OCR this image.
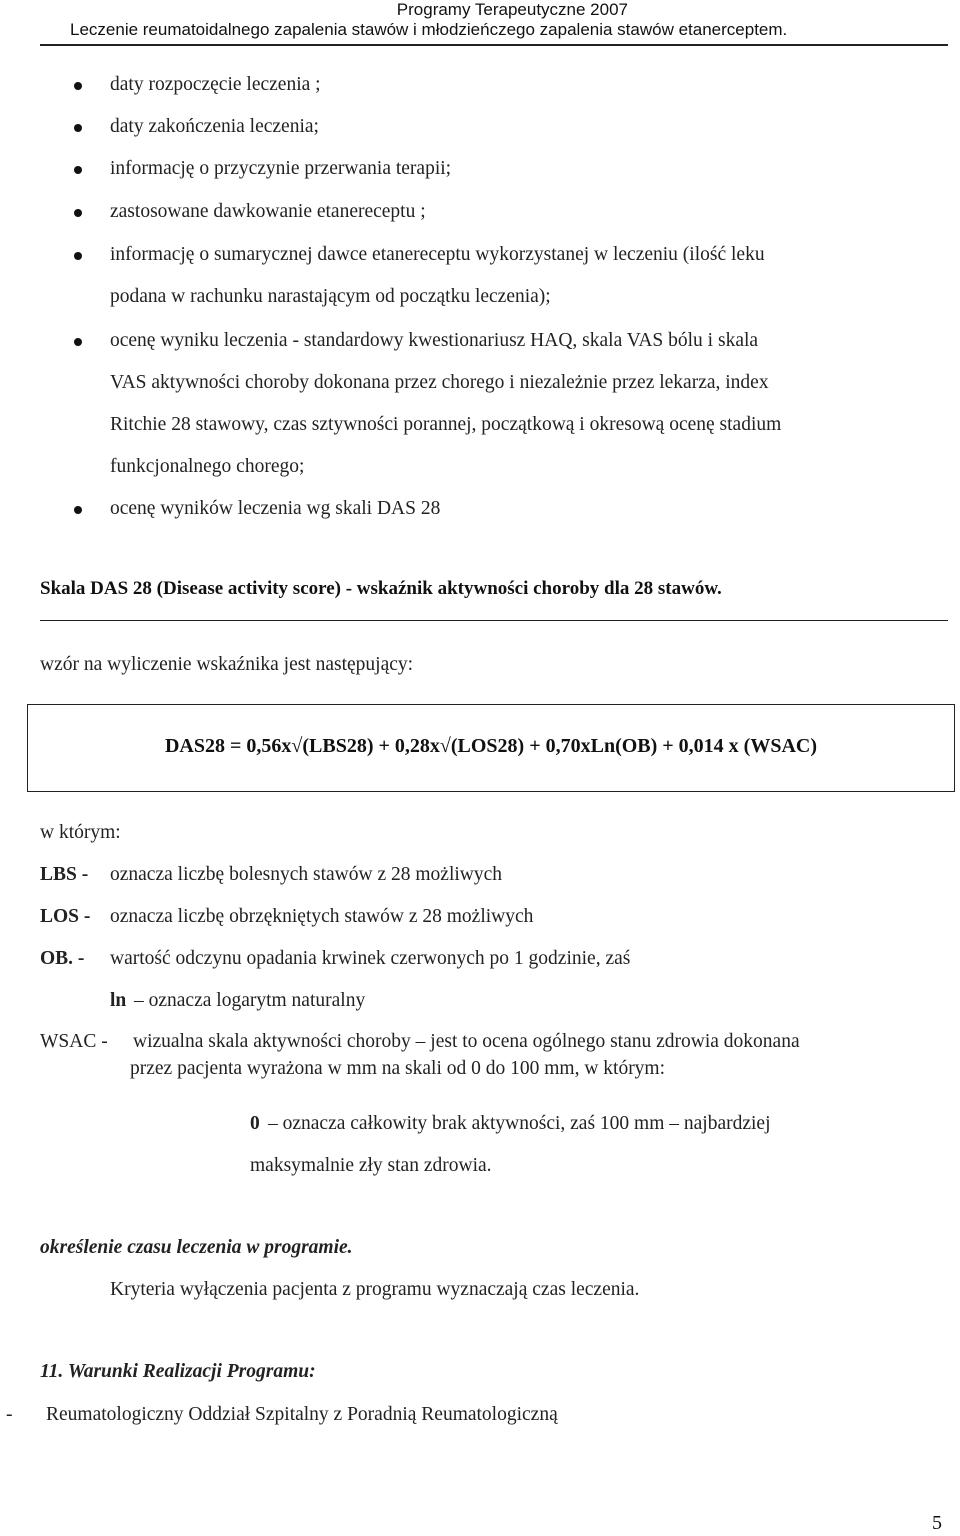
Programy Terapeutyczne 2007
Leczenie reumatoidalnego zapalenia stawów i młodzieńczego zapalenia stawów etanerceptem.
daty rozpoczęcie leczenia ;
daty zakończenia leczenia;
informację o przyczynie przerwania terapii;
zastosowane dawkowanie etanereceptu ;
informację o sumarycznej dawce etanereceptu wykorzystanej w leczeniu (ilość leku
podana w rachunku narastającym od początku leczenia);
ocenę wyniku leczenia - standardowy kwestionariusz HAQ, skala VAS bólu i skala
VAS aktywności choroby dokonana przez chorego i niezależnie przez lekarza, index
Ritchie 28 stawowy, czas sztywności porannej, początkową i okresową ocenę stadium
funkcjonalnego chorego;
ocenę wyników leczenia wg skali DAS 28
Skala DAS 28 (Disease activity score) - wskaźnik aktywności choroby dla 28 stawów.
wzór na wyliczenie wskaźnika jest następujący:
DAS28 = 0,56x√(LBS28) + 0,28x√(LOS28) + 0,70xLn(OB) + 0,014 x (WSAC)
w którym:
LBS - oznacza liczbę bolesnych stawów z 28 możliwych
LOS - oznacza liczbę obrzękniętych stawów z 28 możliwych
OB. - wartość odczynu opadania krwinek czerwonych po 1 godzinie, zaś
ln – oznacza logarytm naturalny
WSAC - wizualna skala aktywności choroby – jest to ocena ogólnego stanu zdrowia dokonana
przez pacjenta wyrażona w mm na skali od 0 do 100 mm, w którym:
0 – oznacza całkowity brak aktywności, zaś 100 mm – najbardziej
maksymalnie zły stan zdrowia.
określenie czasu leczenia w programie.
Kryteria wyłączenia pacjenta z programu wyznaczają czas leczenia.
11. Warunki Realizacji Programu:
- Reumatologiczny Oddział Szpitalny z Poradnią Reumatologiczną
5
